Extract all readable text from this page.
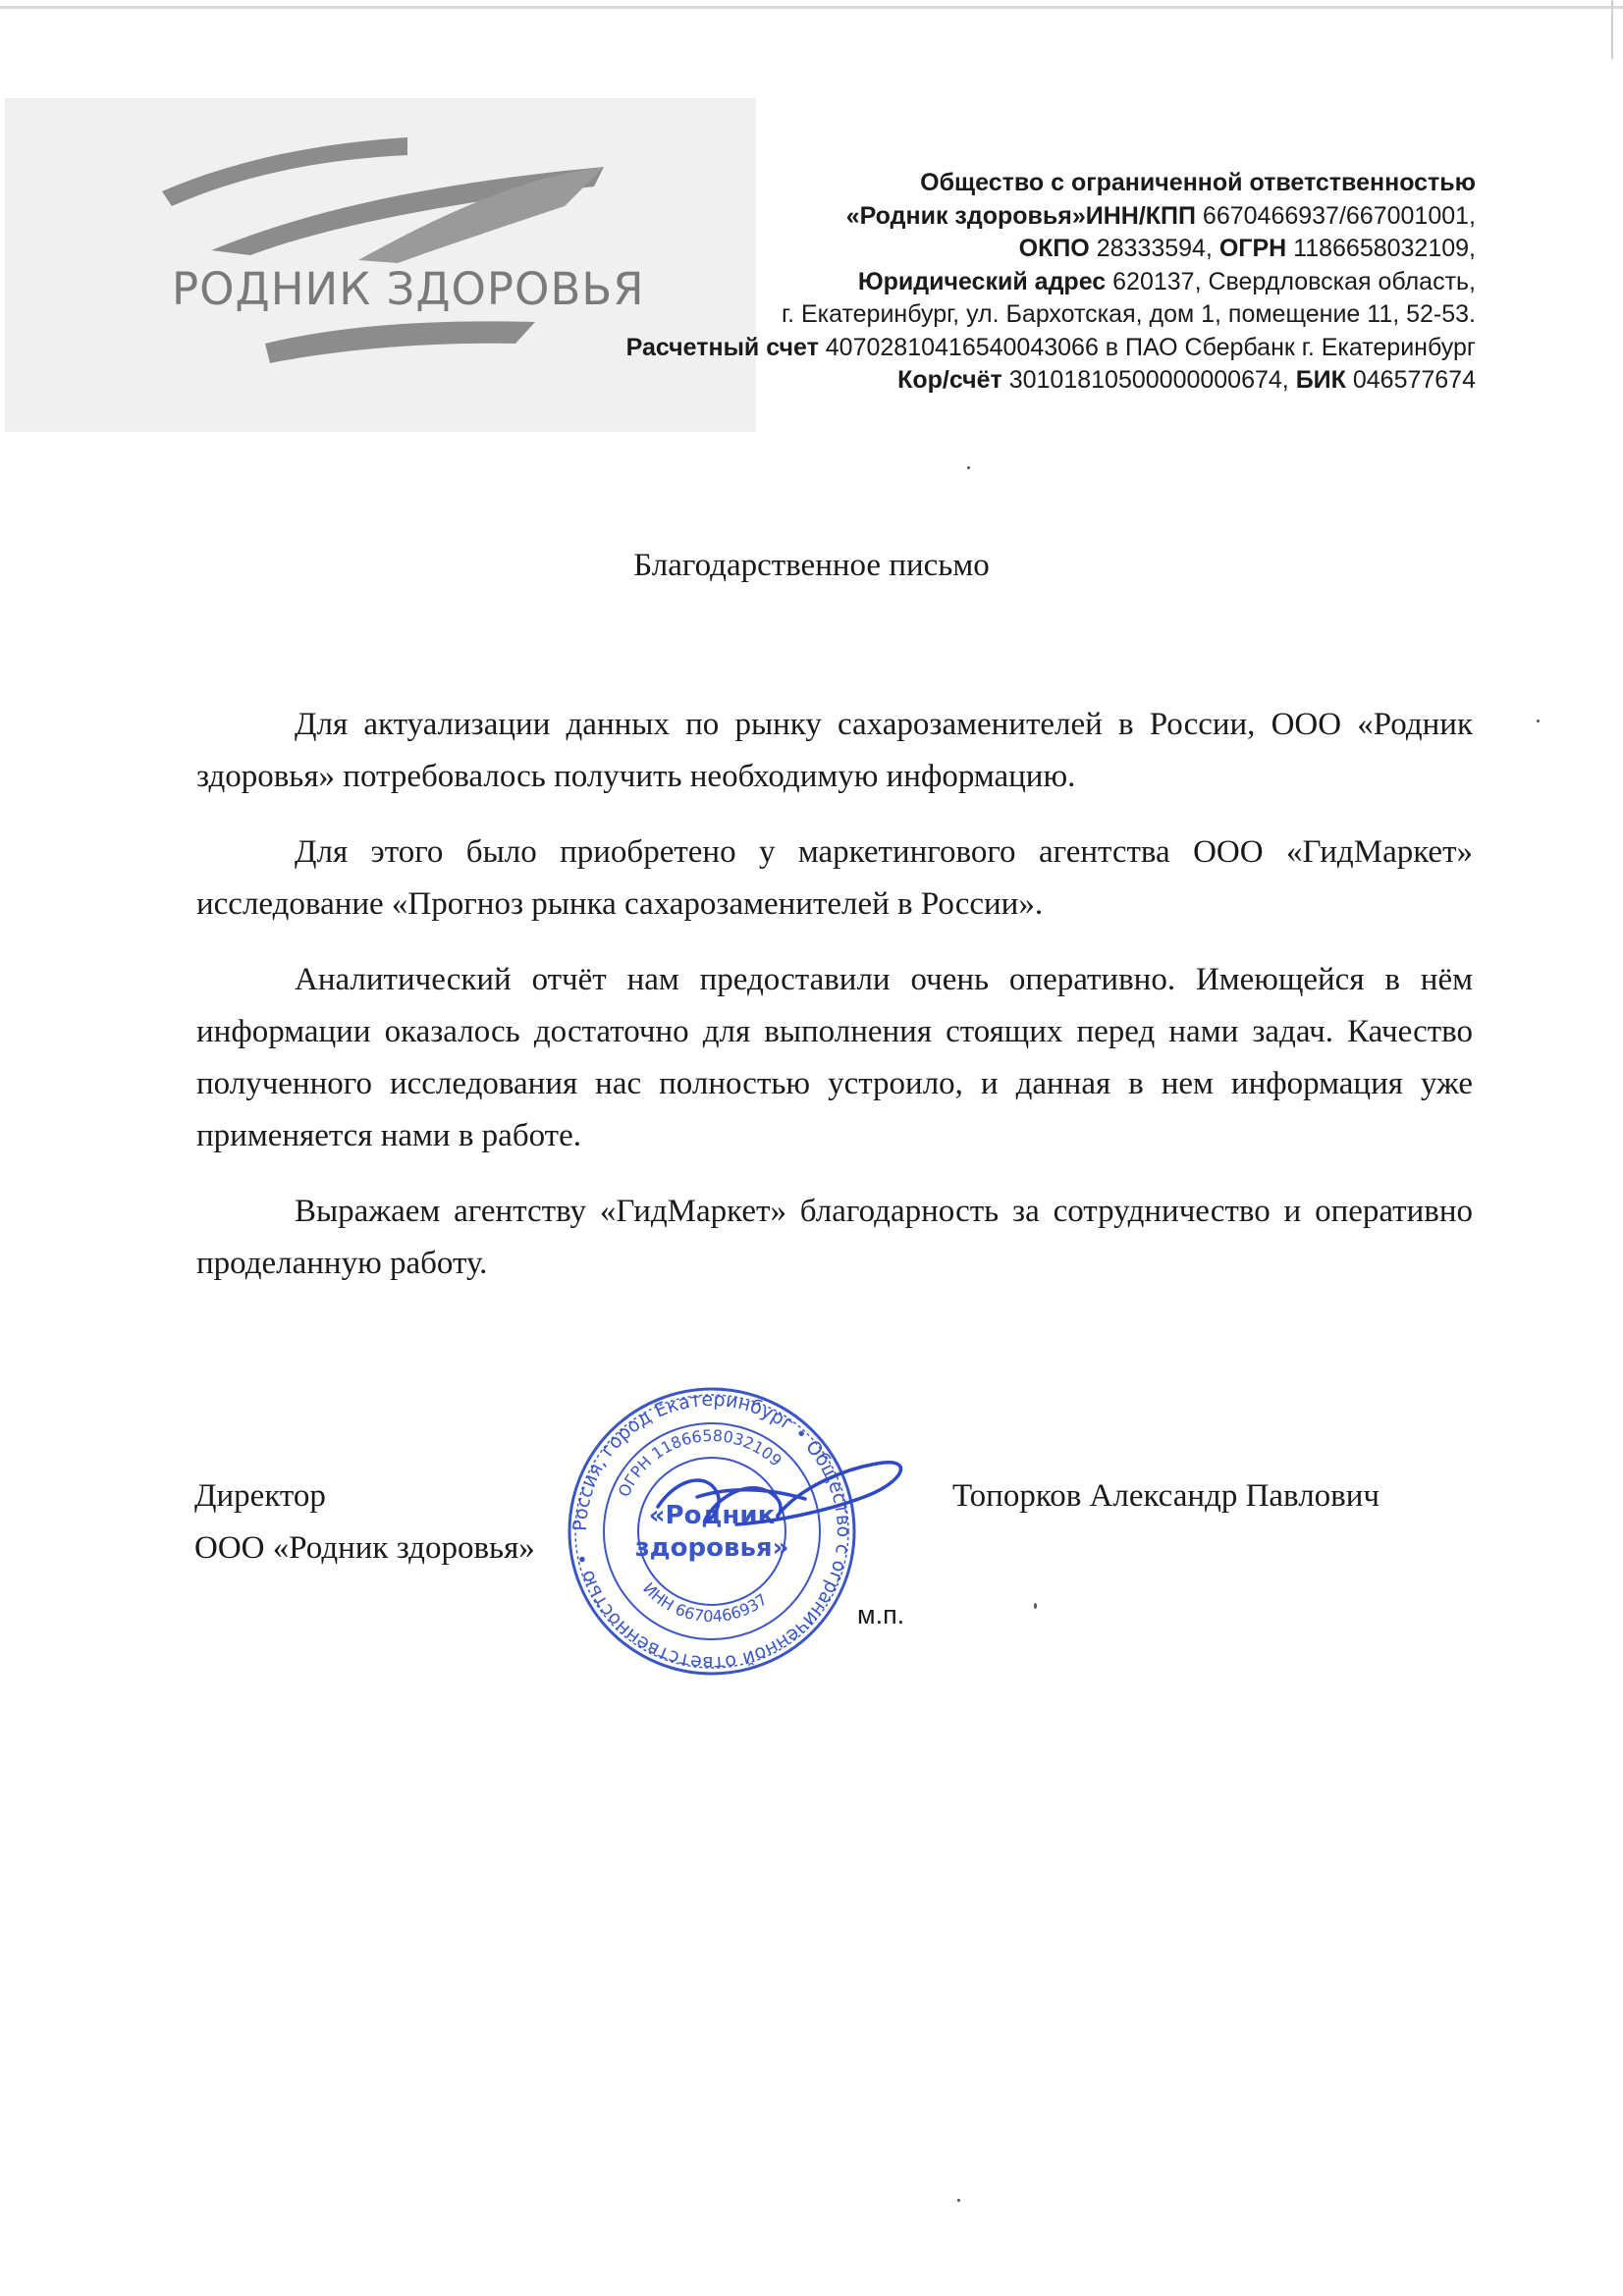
РОДНИК ЗДОРОВЬЯ
Общество с ограниченной ответственностью
«Родник здоровья»ИНН/КПП 6670466937/667001001,
ОКПО 28333594, ОГРН 1186658032109,
Юридический адрес 620137, Свердловская область,
г. Екатеринбург, ул. Бархотская, дом 1, помещение 11, 52-53.
Расчетный счет 40702810416540043066 в ПАО Сбербанк г. Екатеринбург
Кор/счёт 30101810500000000674, БИК 046577674
Благодарственное письмо

Для актуализации данных по рынку сахарозаменителей в России, ООО «Родник здоровья» потребовалось получить необходимую информацию.

Для этого было приобретено у маркетингового агентства ООО «ГидМаркет» исследование «Прогноз рынка сахарозаменителей в России».

Аналитический отчёт нам предоставили очень оперативно. Имеющейся в нём информации оказалось достаточно для выполнения стоящих перед нами задач. Качество полученного исследования нас полностью устроило, и данная в нем информация уже применяется нами в работе.

Выражаем агентству «ГидМаркет» благодарность за сотрудничество и оперативно проделанную работу.

Россия, город Екатеринбург • Общество с ограниченной ответственностью •
ОГРН 1186658032109
ИНН 6670466937
«Родник
здоровья»
Директор
ООО «Родник здоровья»
Топорков Александр Павлович
м.п.
